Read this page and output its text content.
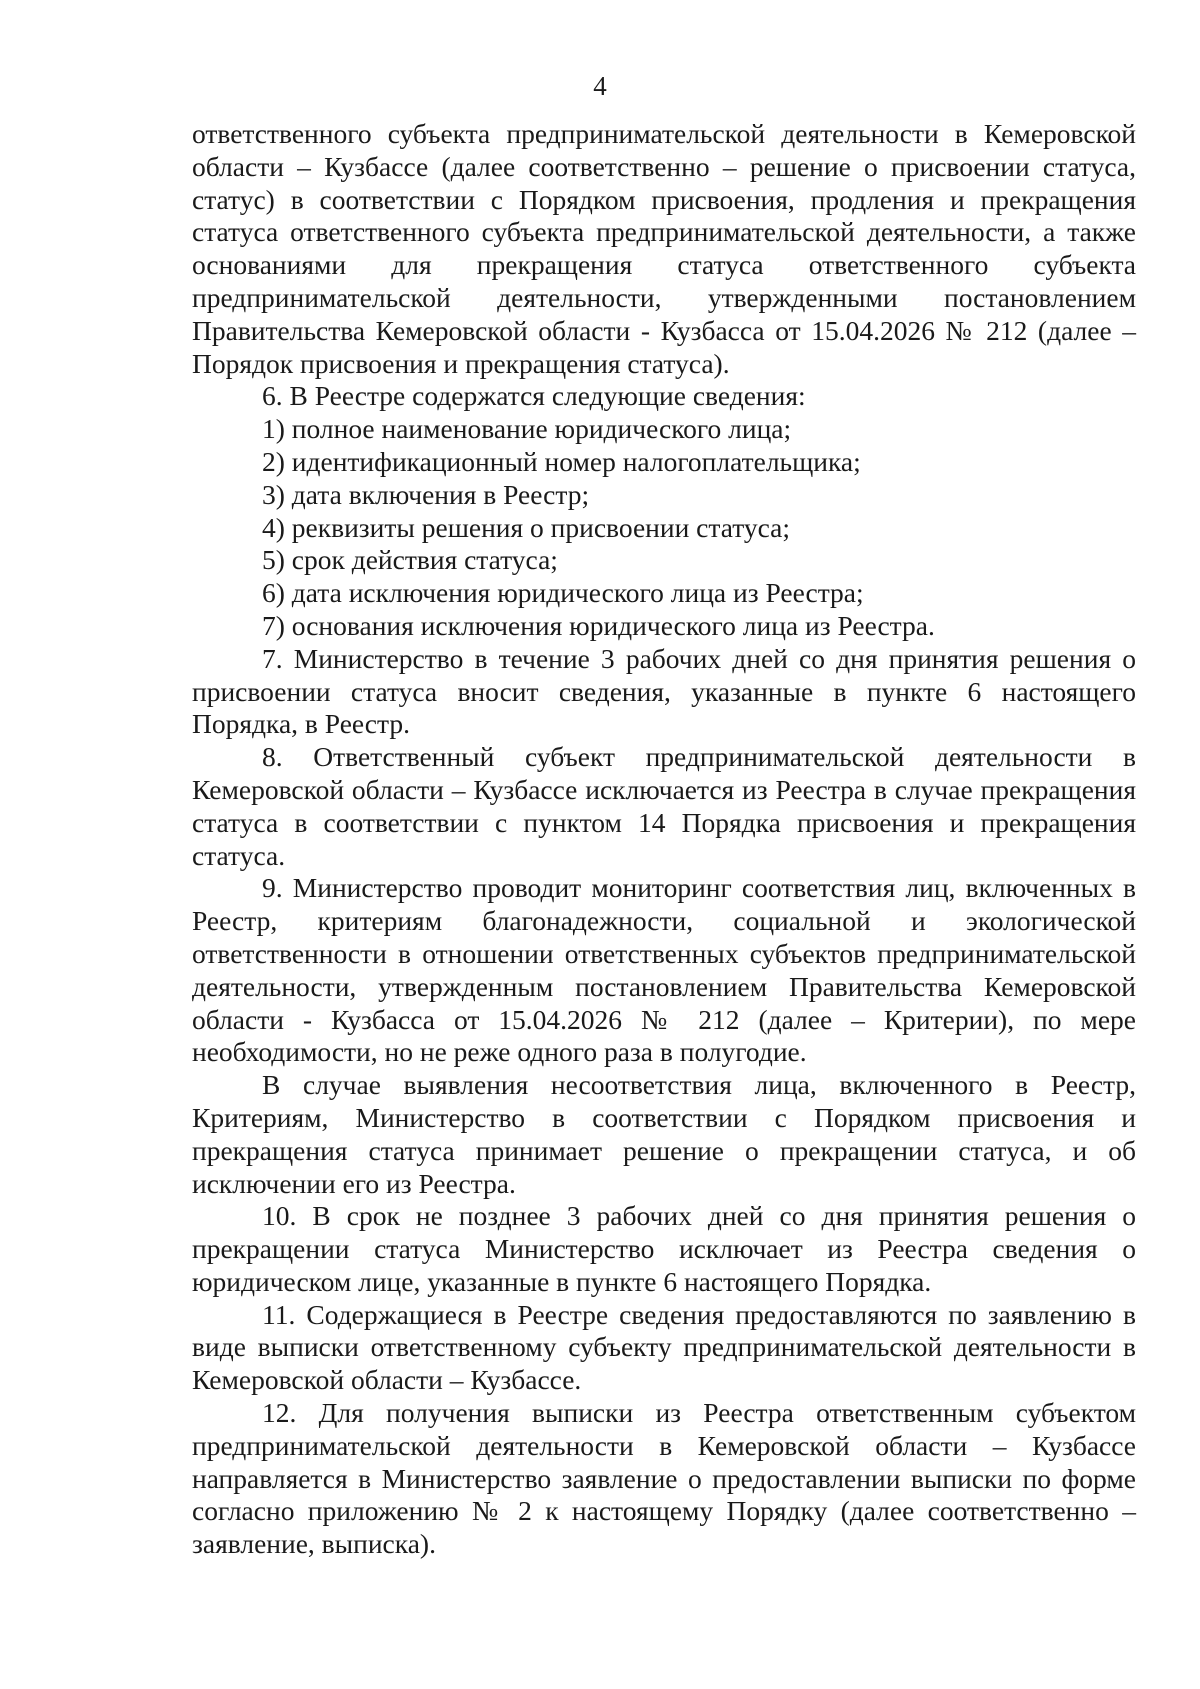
4

ответственного субъекта предпринимательской деятельности в Кемеровской области – Кузбассе (далее соответственно – решение о присвоении статуса, статус) в соответствии с Порядком присвоения, продления и прекращения статуса ответственного субъекта предпринимательской деятельности, а также основаниями для прекращения статуса ответственного субъекта предпринимательской деятельности, утвержденными постановлением Правительства Кемеровской области - Кузбасса от 15.04.2026 № 212 (далее – Порядок присвоения и прекращения статуса).

6. В Реестре содержатся следующие сведения:

1) полное наименование юридического лица;

2) идентификационный номер налогоплательщика;

3) дата включения в Реестр;

4) реквизиты решения о присвоении статуса;

5) срок действия статуса;

6) дата исключения юридического лица из Реестра;

7) основания исключения юридического лица из Реестра.

7. Министерство в течение 3 рабочих дней со дня принятия решения о присвоении статуса вносит сведения, указанные в пункте 6 настоящего Порядка, в Реестр.

8. Ответственный субъект предпринимательской деятельности в Кемеровской области – Кузбассе исключается из Реестра в случае прекращения статуса в соответствии с пунктом 14 Порядка присвоения и прекращения статуса.

9. Министерство проводит мониторинг соответствия лиц, включенных в Реестр, критериям благонадежности, социальной и экологической ответственности в отношении ответственных субъектов предпринимательской деятельности, утвержденным постановлением Правительства Кемеровской области - Кузбасса от 15.04.2026 № 212 (далее – Критерии), по мере необходимости, но не реже одного раза в полугодие.

В случае выявления несоответствия лица, включенного в Реестр, Критериям, Министерство в соответствии с Порядком присвоения и прекращения статуса принимает решение о прекращении статуса, и об исключении его из Реестра.

10. В срок не позднее 3 рабочих дней со дня принятия решения о прекращении статуса Министерство исключает из Реестра сведения о юридическом лице, указанные в пункте 6 настоящего Порядка.

11. Содержащиеся в Реестре сведения предоставляются по заявлению в виде выписки ответственному субъекту предпринимательской деятельности в Кемеровской области – Кузбассе.

12. Для получения выписки из Реестра ответственным субъектом предпринимательской деятельности в Кемеровской области – Кузбассе направляется в Министерство заявление о предоставлении выписки по форме согласно приложению № 2 к настоящему Порядку (далее соответственно – заявление, выписка).
